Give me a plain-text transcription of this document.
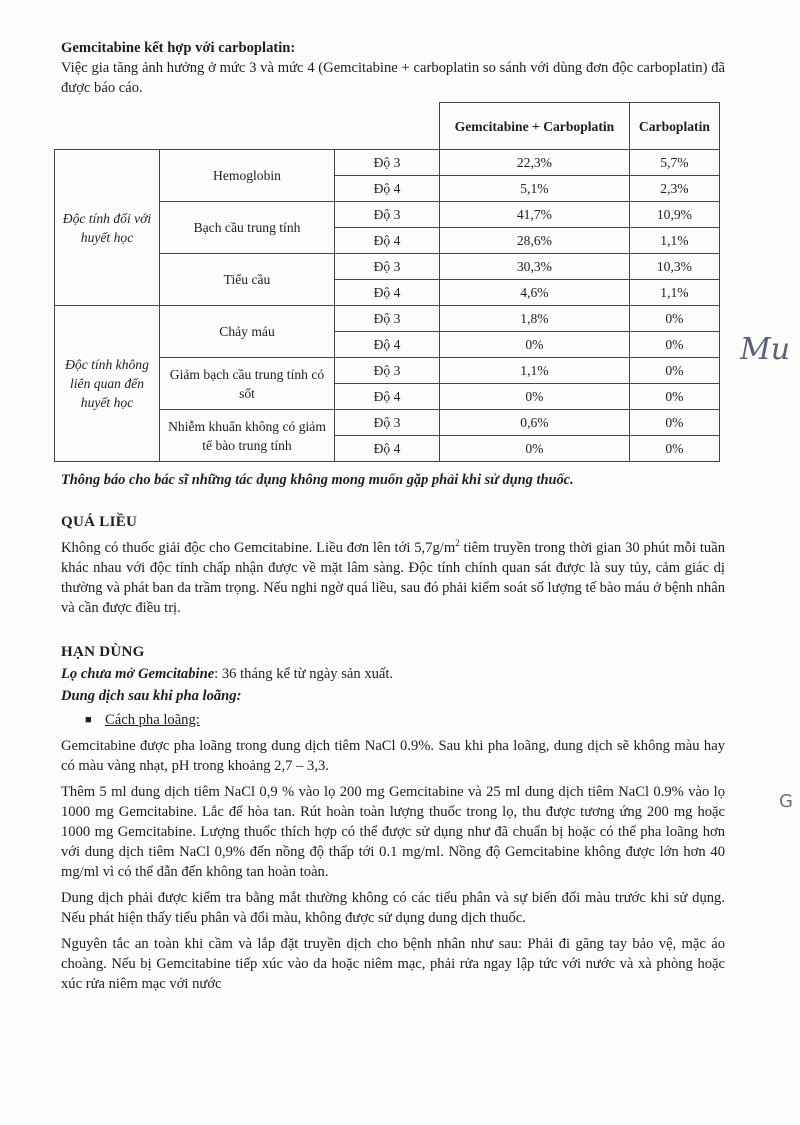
Gemcitabine kết hợp với carboplatin:

Việc gia tăng ảnh hưởng ở mức 3 và mức 4 (Gemcitabine + carboplatin so sánh với dùng đơn độc carboplatin) đã được báo cáo.

			Gemcitabine + Carboplatin	Carboplatin
Độc tính đối với huyết học	Hemoglobin	Độ 3	22,3%	5,7%
		Độ 4	5,1%	2,3%
	Bạch cầu trung tính	Độ 3	41,7%	10,9%
		Độ 4	28,6%	1,1%
	Tiểu cầu	Độ 3	30,3%	10,3%
		Độ 4	4,6%	1,1%
Độc tính không liên quan đến huyết học	Chảy máu	Độ 3	1,8%	0%
		Độ 4	0%	0%
	Giảm bạch cầu trung tính có sốt	Độ 3	1,1%	0%
		Độ 4	0%	0%
	Nhiễm khuẩn không có giảm tế bào trung tính	Độ 3	0,6%	0%
		Độ 4	0%	0%
Thông báo cho bác sĩ những tác dụng không mong muốn gặp phải khi sử dụng thuốc.
QUÁ LIỀU

Không có thuốc giải độc cho Gemcitabine. Liều đơn lên tới $5,7g/m^2$ tiêm truyền trong thời gian 30 phút mỗi tuần khác nhau với độc tính chấp nhận được về mặt lâm sàng. Độc tính chính quan sát được là suy tủy, cảm giác dị thường và phát ban da trầm trọng. Nếu nghi ngờ quá liều, sau đó phải kiểm soát số lượng tế bào máu ở bệnh nhân và cần được điều trị.

HẠN DÙNG

Lọ chưa mở Gemcitabine: 36 tháng kể từ ngày sản xuất.

Dung dịch sau khi pha loãng:

■ Cách pha loãng:

Gemcitabine được pha loãng trong dung dịch tiêm NaCl 0.9%. Sau khi pha loãng, dung dịch sẽ không màu hay có màu vàng nhạt, pH trong khoảng 2,7 – 3,3.

Thêm 5 ml dung dịch tiêm NaCl 0,9 % vào lọ 200 mg Gemcitabine và 25 ml dung dịch tiêm NaCl 0.9% vào lọ 1000 mg Gemcitabine. Lắc để hòa tan. Rút hoàn toàn lượng thuốc trong lọ, thu được tương ứng 200 mg hoặc 1000 mg Gemcitabine. Lượng thuốc thích hợp có thể được sử dụng như đã chuẩn bị hoặc có thể pha loãng hơn với dung dịch tiêm NaCl 0,9% đến nồng độ thấp tới 0.1 mg/ml. Nồng độ Gemcitabine không được lớn hơn 40 mg/ml vì có thể dẫn đến không tan hoàn toàn.

Dung dịch phải được kiểm tra bằng mắt thường không có các tiểu phân và sự biến đổi màu trước khi sử dụng. Nếu phát hiện thấy tiểu phân và đổi màu, không được sử dụng dung dịch thuốc.

Nguyên tắc an toàn khi cầm và lắp đặt truyền dịch cho bệnh nhân như sau: Phải đi găng tay bảo vệ, mặc áo choàng. Nếu bị Gemcitabine tiếp xúc vào da hoặc niêm mạc, phải rửa ngay lập tức với nước và xà phòng hoặc xúc rửa niêm mạc với nước

Mu
G
